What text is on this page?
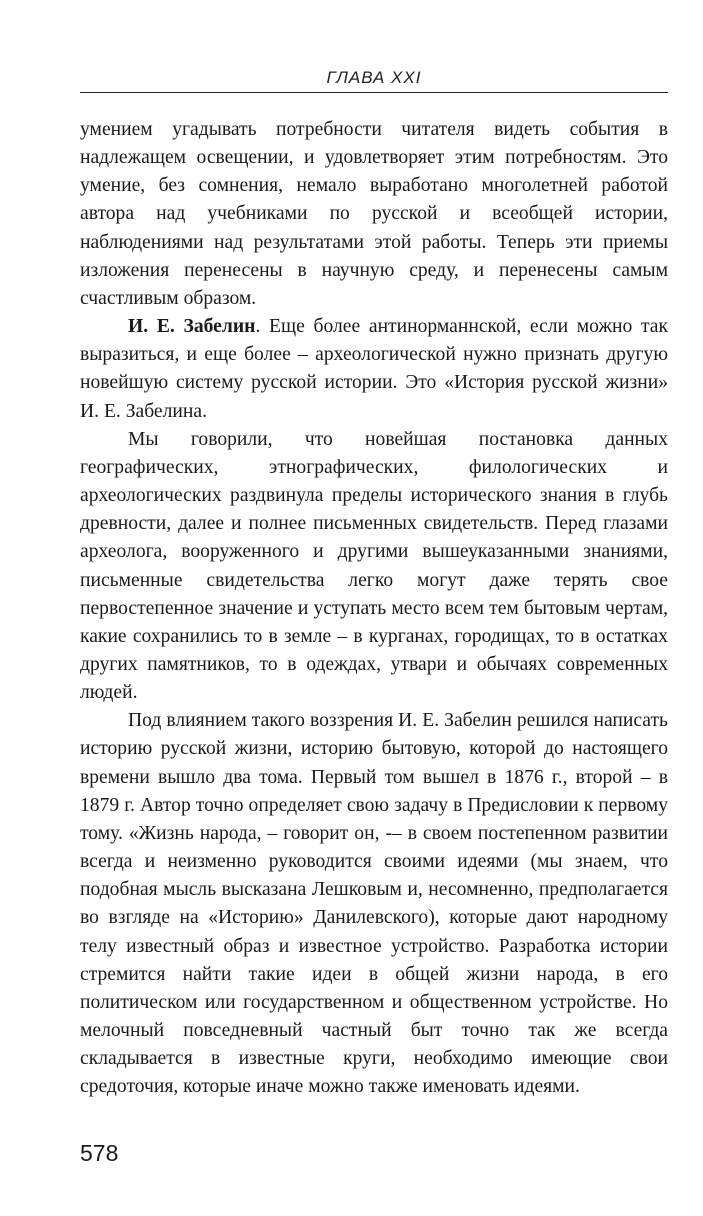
ГЛАВА XXI

умением угадывать потребности читателя видеть события в надлежащем освещении, и удовлетворяет этим потребностям. Это умение, без сомнения, немало выработано многолетней работой автора над учебниками по русской и всеобщей истории, наблюдениями над результатами этой работы. Теперь эти приемы изложения перенесены в научную среду, и перенесены самым счастливым образом.

И. Е. Забелин. Еще более антинорманнской, если можно так выразиться, и еще более – археологической нужно признать другую новейшую систему русской истории. Это «История русской жизни» И. Е. Забелина.

Мы говорили, что новейшая постановка данных географических, этнографических, филологических и археологических раздвинула пределы исторического знания в глубь древности, далее и полнее письменных свидетельств. Перед глазами археолога, вооруженного и другими вышеуказанными знаниями, письменные свидетельства легко могут даже терять свое первостепенное значение и уступать место всем тем бытовым чертам, какие сохранились то в земле – в курганах, городищах, то в остатках других памятников, то в одеждах, утвари и обычаях современных людей.

Под влиянием такого воззрения И. Е. Забелин решился написать историю русской жизни, историю бытовую, которой до настоящего времени вышло два тома. Первый том вышел в 1876 г., второй – в 1879 г. Автор точно определяет свою задачу в Предисловии к первому тому. «Жизнь народа, – говорит он, -– в своем постепенном развитии всегда и неизменно руководится своими идеями (мы знаем, что подобная мысль высказана Лешковым и, несомненно, предполагается во взгляде на «Историю» Данилевского), которые дают народному телу известный образ и известное устройство. Разработка истории стремится найти такие идеи в общей жизни народа, в его политическом или государственном и общественном устройстве. Но мелочный повседневный частный быт точно так же всегда складывается в известные круги, необходимо имеющие свои средоточия, которые иначе можно также именовать идеями.

578
